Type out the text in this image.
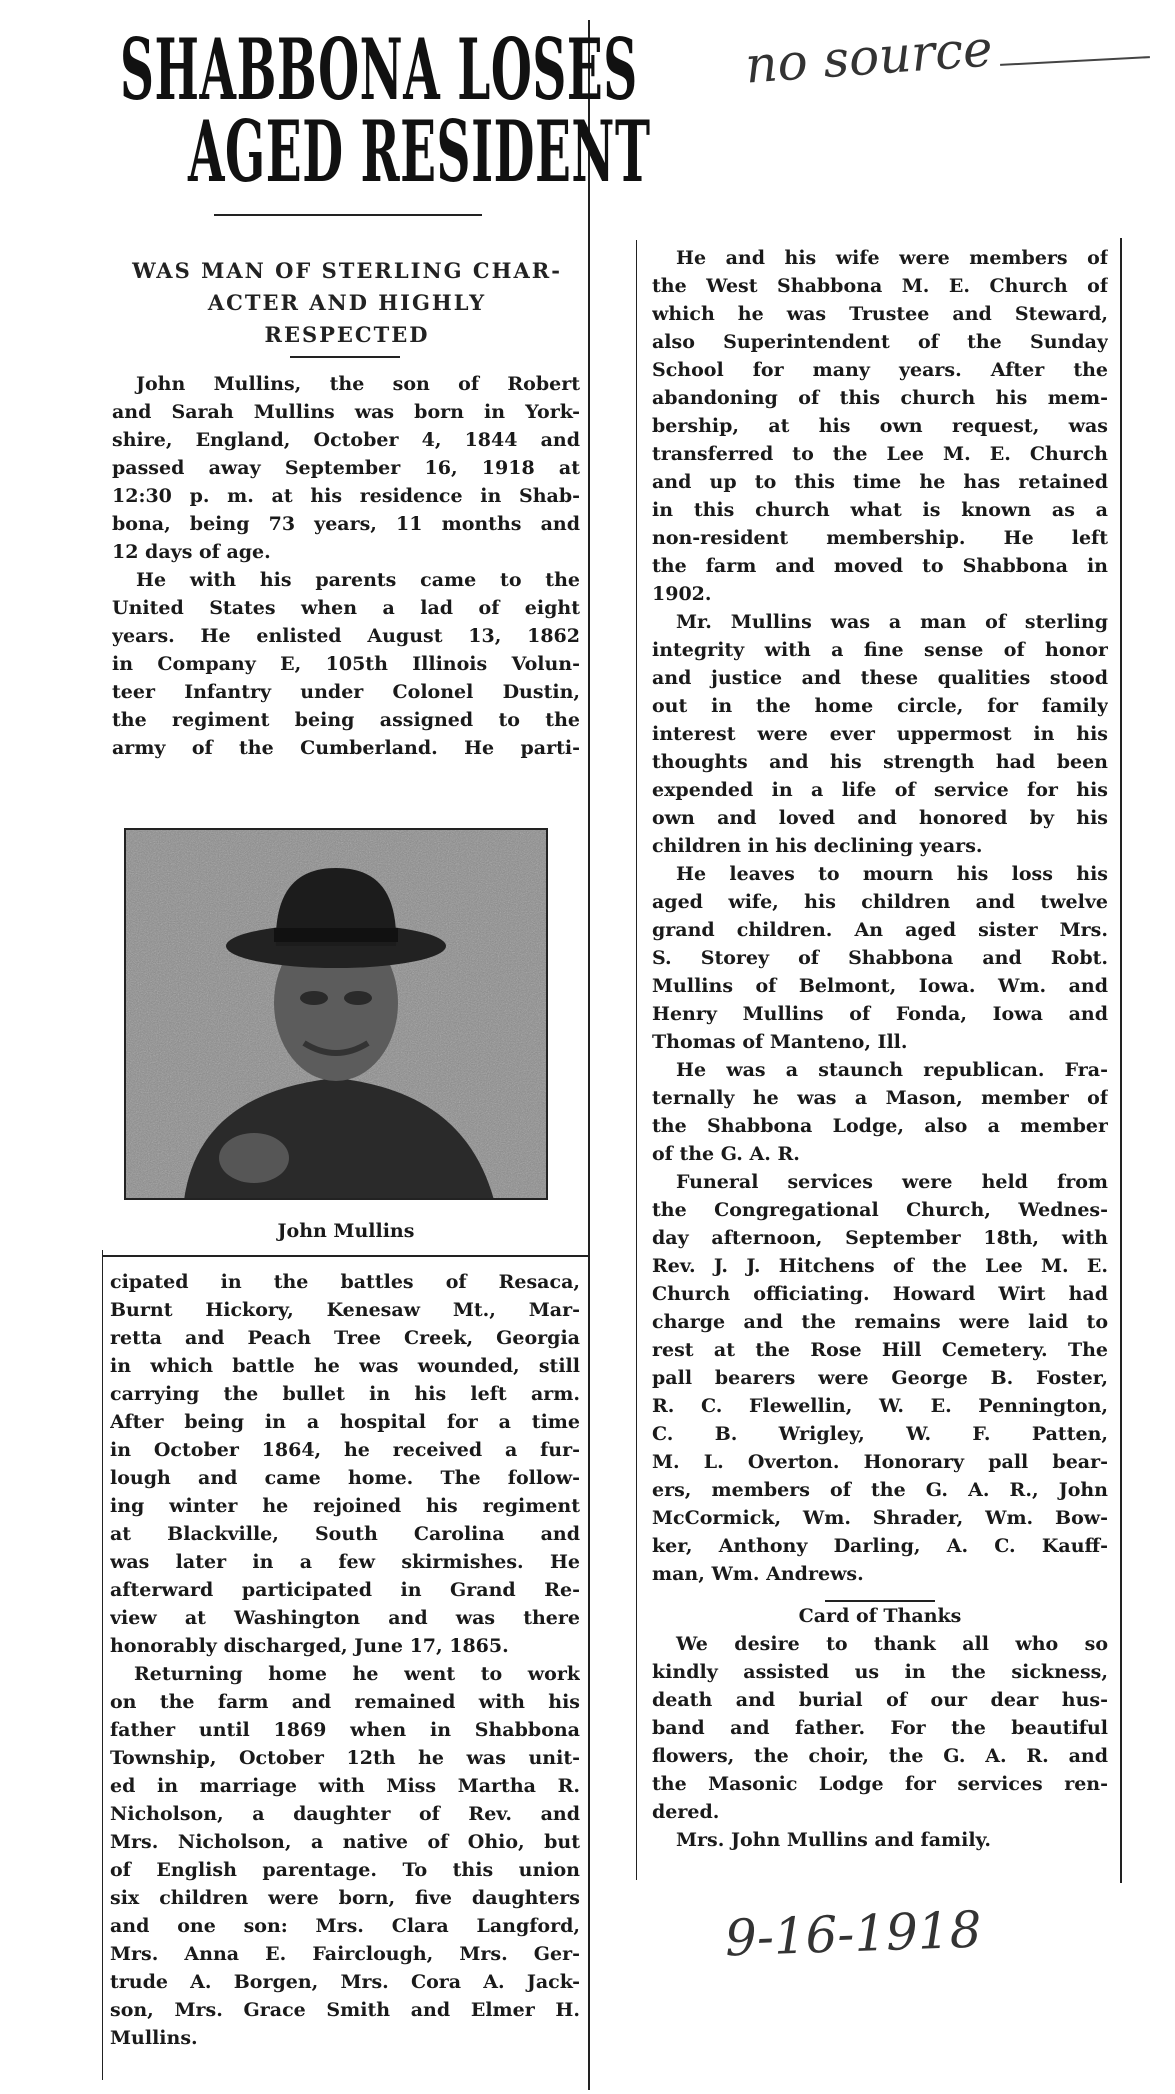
no source
9-16-1918
SHABBONA LOSES
AGED RESIDENT
WAS MAN OF STERLING CHAR-
ACTER AND HIGHLY
RESPECTED
John Mullins, the son of Robert
and Sarah Mullins was born in York-
shire, England, October 4, 1844 and
passed away September 16, 1918 at
12:30 p. m. at his residence in Shab-
bona, being 73 years, 11 months and
12 days of age.
He with his parents came to the
United States when a lad of eight
years. He enlisted August 13, 1862
in Company E, 105th Illinois Volun-
teer Infantry under Colonel Dustin,
the regiment being assigned to the
army of the Cumberland. He parti-
John Mullins
cipated in the battles of Resaca,
Burnt Hickory, Kenesaw Mt., Mar-
retta and Peach Tree Creek, Georgia
in which battle he was wounded, still
carrying the bullet in his left arm.
After being in a hospital for a time
in October 1864, he received a fur-
lough and came home. The follow-
ing winter he rejoined his regiment
at Blackville, South Carolina and
was later in a few skirmishes. He
afterward participated in Grand Re-
view at Washington and was there
honorably discharged, June 17, 1865.
Returning home he went to work
on the farm and remained with his
father until 1869 when in Shabbona
Township, October 12th he was unit-
ed in marriage with Miss Martha R.
Nicholson, a daughter of Rev. and
Mrs. Nicholson, a native of Ohio, but
of English parentage. To this union
six children were born, five daughters
and one son: Mrs. Clara Langford,
Mrs. Anna E. Fairclough, Mrs. Ger-
trude A. Borgen, Mrs. Cora A. Jack-
son, Mrs. Grace Smith and Elmer H.
Mullins.
He and his wife were members of
the West Shabbona M. E. Church of
which he was Trustee and Steward,
also Superintendent of the Sunday
School for many years. After the
abandoning of this church his mem-
bership, at his own request, was
transferred to the Lee M. E. Church
and up to this time he has retained
in this church what is known as a
non-resident membership. He left
the farm and moved to Shabbona in
1902.
Mr. Mullins was a man of sterling
integrity with a fine sense of honor
and justice and these qualities stood
out in the home circle, for family
interest were ever uppermost in his
thoughts and his strength had been
expended in a life of service for his
own and loved and honored by his
children in his declining years.
He leaves to mourn his loss his
aged wife, his children and twelve
grand children. An aged sister Mrs.
S. Storey of Shabbona and Robt.
Mullins of Belmont, Iowa. Wm. and
Henry Mullins of Fonda, Iowa and
Thomas of Manteno, Ill.
He was a staunch republican. Fra-
ternally he was a Mason, member of
the Shabbona Lodge, also a member
of the G. A. R.
Funeral services were held from
the Congregational Church, Wednes-
day afternoon, September 18th, with
Rev. J. J. Hitchens of the Lee M. E.
Church officiating. Howard Wirt had
charge and the remains were laid to
rest at the Rose Hill Cemetery. The
pall bearers were George B. Foster,
R. C. Flewellin, W. E. Pennington,
C. B. Wrigley, W. F. Patten,
M. L. Overton. Honorary pall bear-
ers, members of the G. A. R., John
McCormick, Wm. Shrader, Wm. Bow-
ker, Anthony Darling, A. C. Kauff-
man, Wm. Andrews.
Card of Thanks
We desire to thank all who so
kindly assisted us in the sickness,
death and burial of our dear hus-
band and father. For the beautiful
flowers, the choir, the G. A. R. and
the Masonic Lodge for services ren-
dered.
Mrs. John Mullins and family.
